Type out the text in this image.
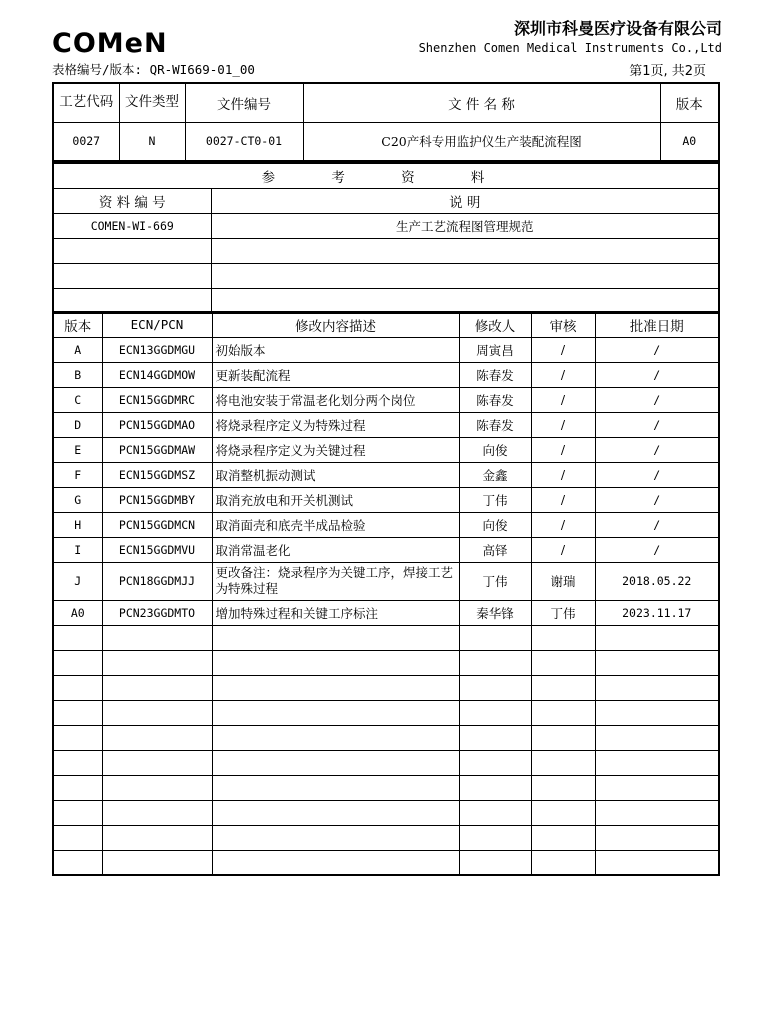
COMeN	深圳市科曼医疗设备有限公司
Shenzhen Comen Medical Instruments Co.,Ltd
表格编号/版本: QR-WI669-01_00	第1页, 共2页
工艺代码	文件类型	文件编号	文 件 名 称	版本
0027	N	0027-CT0-01	C20产科专用监护仪生产装配流程图	A0
参 考 资 料	
资 料 编 号	说 明
COMEN-WI-669	生产工艺流程图管理规范

版本	ECN/PCN	修改内容描述	修改人	审核	批准日期
A	ECN13GGDMGU	初始版本	周寅昌	/	/
B	ECN14GGDMOW	更新装配流程	陈春发	/	/
C	ECN15GGDMRC	将电池安装于常温老化划分两个岗位	陈春发	/	/
D	PCN15GGDMAO	将烧录程序定义为特殊过程	陈春发	/	/
E	PCN15GGDMAW	将烧录程序定义为关键过程	向俊	/	/
F	ECN15GGDMSZ	取消整机振动测试	金鑫	/	/
G	PCN15GGDMBY	取消充放电和开关机测试	丁伟	/	/
H	PCN15GGDMCN	取消面壳和底壳半成品检验	向俊	/	/
I	ECN15GGDMVU	取消常温老化	高铎	/	/
J	PCN18GGDMJJ	更改备注：烧录程序为关键工序，焊接工艺为特殊过程	丁伟	谢瑞	2018.05.22
A0	PCN23GGDMTO	增加特殊过程和关键工序标注	秦华锋	丁伟	2023.11.17
